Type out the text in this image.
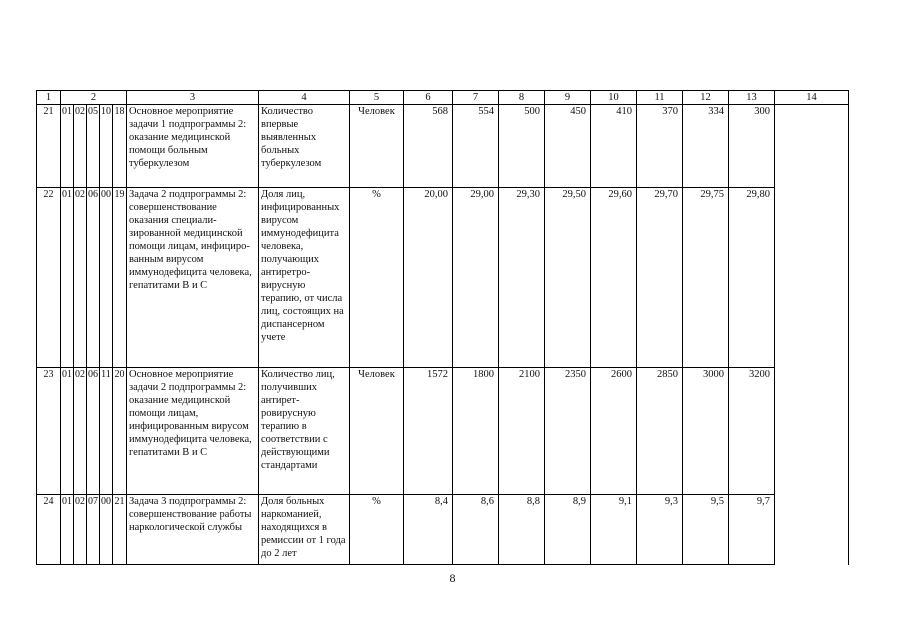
1	2					3	4	5	6	7	8	9	10	11	12	13	14
21	01	02	05	10	18	Основное мероприятие задачи 1 подпрограммы 2: оказание медицинской помощи больным туберкулезом	Количество впервые выявленных больных туберкулезом	Человек	568	554	500	450	410	370	334	300	
22	01	02	06	00	19	Задача 2 подпрограммы 2: совершенствование оказания специализированной медицинской помощи лицам, инфицированным вирусом иммунодефицита человека, гепатитами В и С	Доля лиц, инфицированных вирусом иммунодефицита человека, получающих антиретровирусную терапию, от числа лиц, состоящих на диспансерном учете	%	20,00	29,00	29,30	29,50	29,60	29,70	29,75	29,80	
23	01	02	06	11	20	Основное мероприятие задачи 2 подпрограммы 2: оказание медицинской помощи лицам, инфицированным вирусом иммунодефицита человека, гепатитами В и С	Количество лиц, получивших антиретровирусную терапию в соответствии с действующими стандартами	Человек	1572	1800	2100	2350	2600	2850	3000	3200	
24	01	02	07	00	21	Задача 3 подпрограммы 2: совершенствование работы наркологической службы	Доля больных наркоманией, находящихся в ремиссии от 1 года до 2 лет	%	8,4	8,6	8,8	8,9	9,1	9,3	9,5	9,7	
8
